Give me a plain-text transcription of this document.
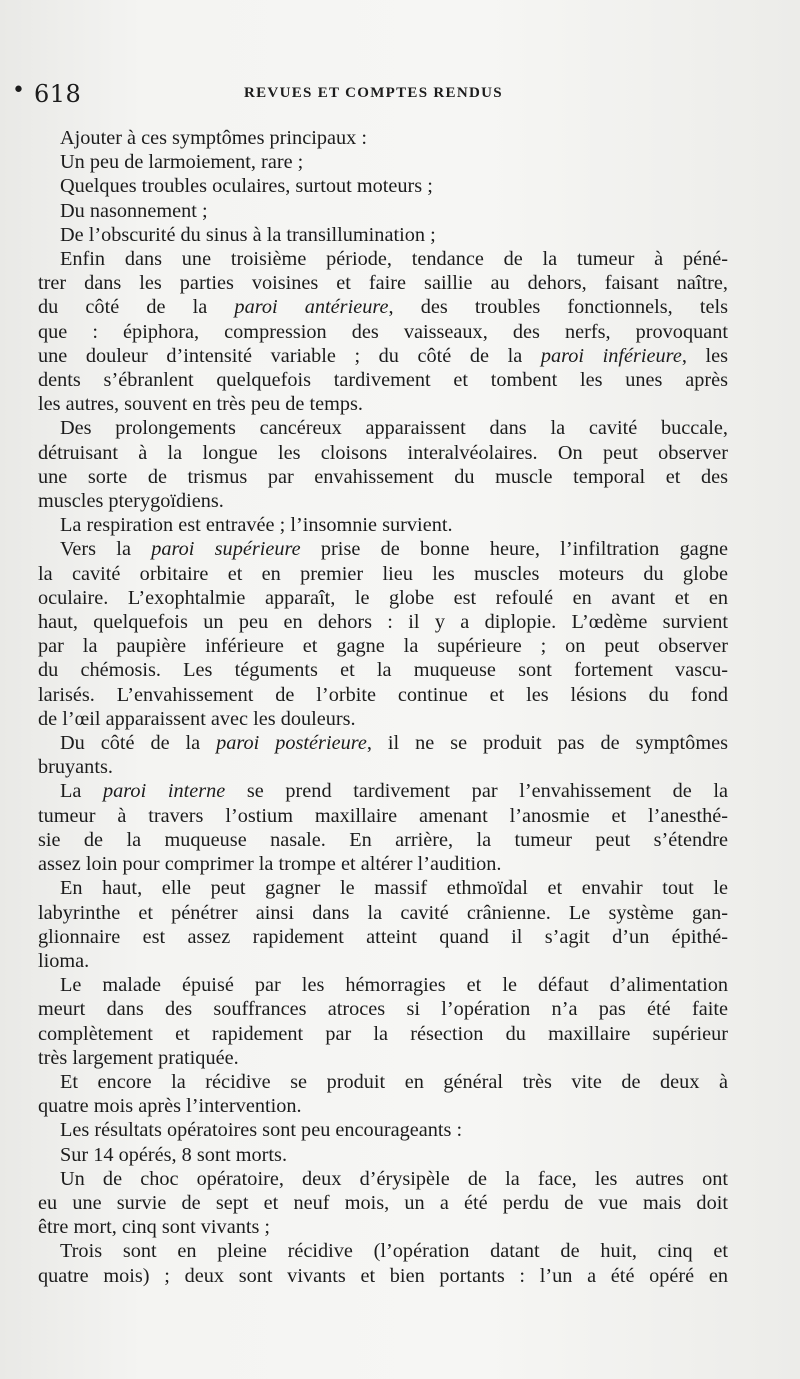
• 618	REVUES ET COMPTES RENDUS
Ajouter à ces symptômes principaux :
Un peu de larmoiement, rare ;
Quelques troubles oculaires, surtout moteurs ;
Du nasonnement ;
De l’obscurité du sinus à la transillumination ;
Enfin dans une troisième période, tendance de la tumeur à péné-
trer dans les parties voisines et faire saillie au dehors, faisant naître,
du côté de la paroi antérieure, des troubles fonctionnels, tels
que : épiphora, compression des vaisseaux, des nerfs, provoquant
une douleur d’intensité variable ; du côté de la paroi inférieure, les
dents s’ébranlent quelquefois tardivement et tombent les unes après
les autres, souvent en très peu de temps.
Des prolongements cancéreux apparaissent dans la cavité buccale,
détruisant à la longue les cloisons interalvéolaires. On peut observer
une sorte de trismus par envahissement du muscle temporal et des
muscles pterygoïdiens.
La respiration est entravée ; l’insomnie survient.
Vers la paroi supérieure prise de bonne heure, l’infiltration gagne
la cavité orbitaire et en premier lieu les muscles moteurs du globe
oculaire. L’exophtalmie apparaît, le globe est refoulé en avant et en
haut, quelquefois un peu en dehors : il y a diplopie. L’œdème survient
par la paupière inférieure et gagne la supérieure ; on peut observer
du chémosis. Les téguments et la muqueuse sont fortement vascu-
larisés. L’envahissement de l’orbite continue et les lésions du fond
de l’œil apparaissent avec les douleurs.
Du côté de la paroi postérieure, il ne se produit pas de symptômes
bruyants.
La paroi interne se prend tardivement par l’envahissement de la
tumeur à travers l’ostium maxillaire amenant l’anosmie et l’anesthé-
sie de la muqueuse nasale. En arrière, la tumeur peut s’étendre
assez loin pour comprimer la trompe et altérer l’audition.
En haut, elle peut gagner le massif ethmoïdal et envahir tout le
labyrinthe et pénétrer ainsi dans la cavité crânienne. Le système gan-
glionnaire est assez rapidement atteint quand il s’agit d’un épithé-
lioma.
Le malade épuisé par les hémorragies et le défaut d’alimentation
meurt dans des souffrances atroces si l’opération n’a pas été faite
complètement et rapidement par la résection du maxillaire supérieur
très largement pratiquée.
Et encore la récidive se produit en général très vite de deux à
quatre mois après l’intervention.
Les résultats opératoires sont peu encourageants :
Sur 14 opérés, 8 sont morts.
Un de choc opératoire, deux d’érysipèle de la face, les autres ont
eu une survie de sept et neuf mois, un a été perdu de vue mais doit
être mort, cinq sont vivants ;
Trois sont en pleine récidive (l’opération datant de huit, cinq et
quatre mois) ; deux sont vivants et bien portants : l’un a été opéré en
